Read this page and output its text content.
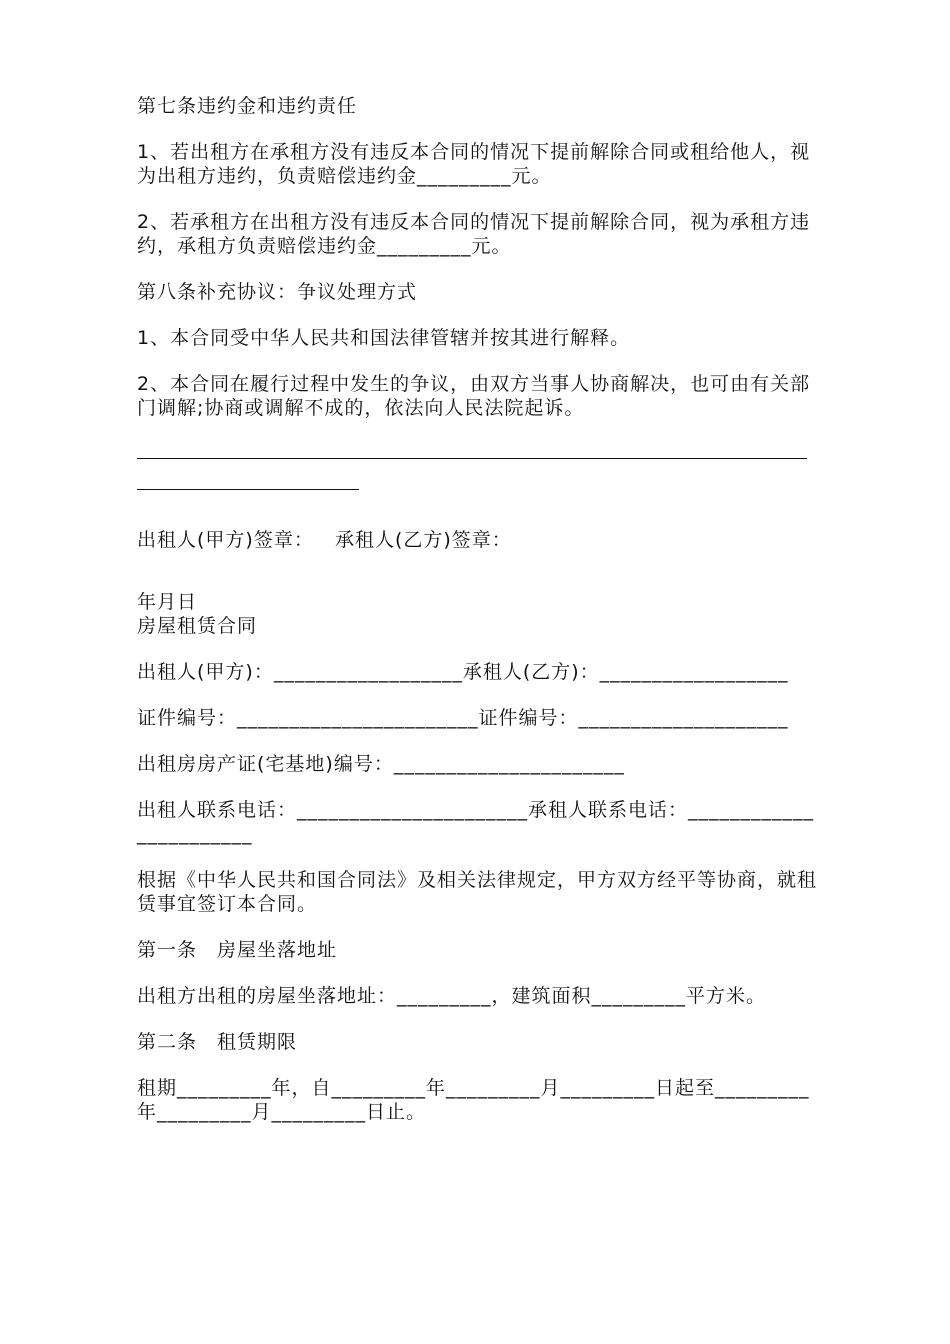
第七条违约金和违约责任

1、若出租方在承租方没有违反本合同的情况下提前解除合同或租给他人，视为出租方违约，负责赔偿违约金_________元。

2、若承租方在出租方没有违反本合同的情况下提前解除合同，视为承租方违约，承租方负责赔偿违约金_________元。

第八条补充协议：争议处理方式

1、本合同受中华人民共和国法律管辖并按其进行解释。

2、本合同在履行过程中发生的争议，由双方当事人协商解决，也可由有关部门调解;协商或调解不成的，依法向人民法院起诉。

出租人(甲方)签章：   承租人(乙方)签章：

年月日

房屋租赁合同

出租人(甲方)：__________________承租人(乙方)：__________________

证件编号：_______________________证件编号：____________________

出租房房产证(宅基地)编号：______________________

出租人联系电话：______________________承租人联系电话：_______________________

根据《中华人民共和国合同法》及相关法律规定，甲方双方经平等协商，就租赁事宜签订本合同。

第一条　房屋坐落地址

出租方出租的房屋坐落地址：_________，建筑面积_________平方米。

第二条　租赁期限

租期_________年，自_________年_________月_________日起至_________年_________月_________日止。
